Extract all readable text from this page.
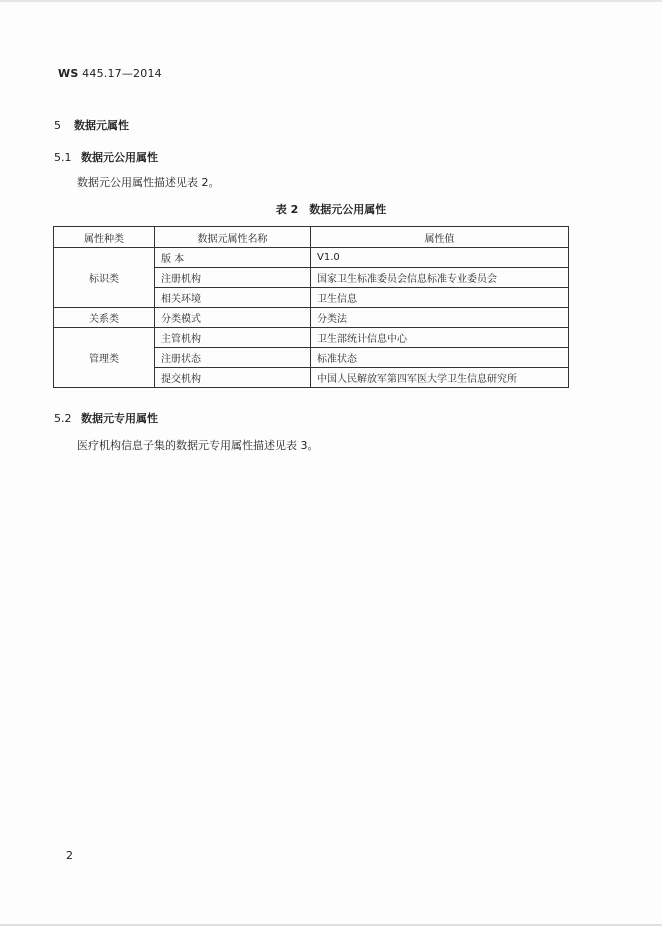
WS 445.17—2014
5 数据元属性
5.1 数据元公用属性
数据元公用属性描述见表 2。
表 2　数据元公用属性
属性种类	数据元属性名称	属性值
标识类	版 本	V1.0
	注册机构	国家卫生标准委员会信息标准专业委员会
	相关环境	卫生信息
关系类	分类模式	分类法
管理类	主管机构	卫生部统计信息中心
	注册状态	标准状态
	提交机构	中国人民解放军第四军医大学卫生信息研究所
5.2 数据元专用属性
医疗机构信息子集的数据元专用属性描述见表 3。
2
